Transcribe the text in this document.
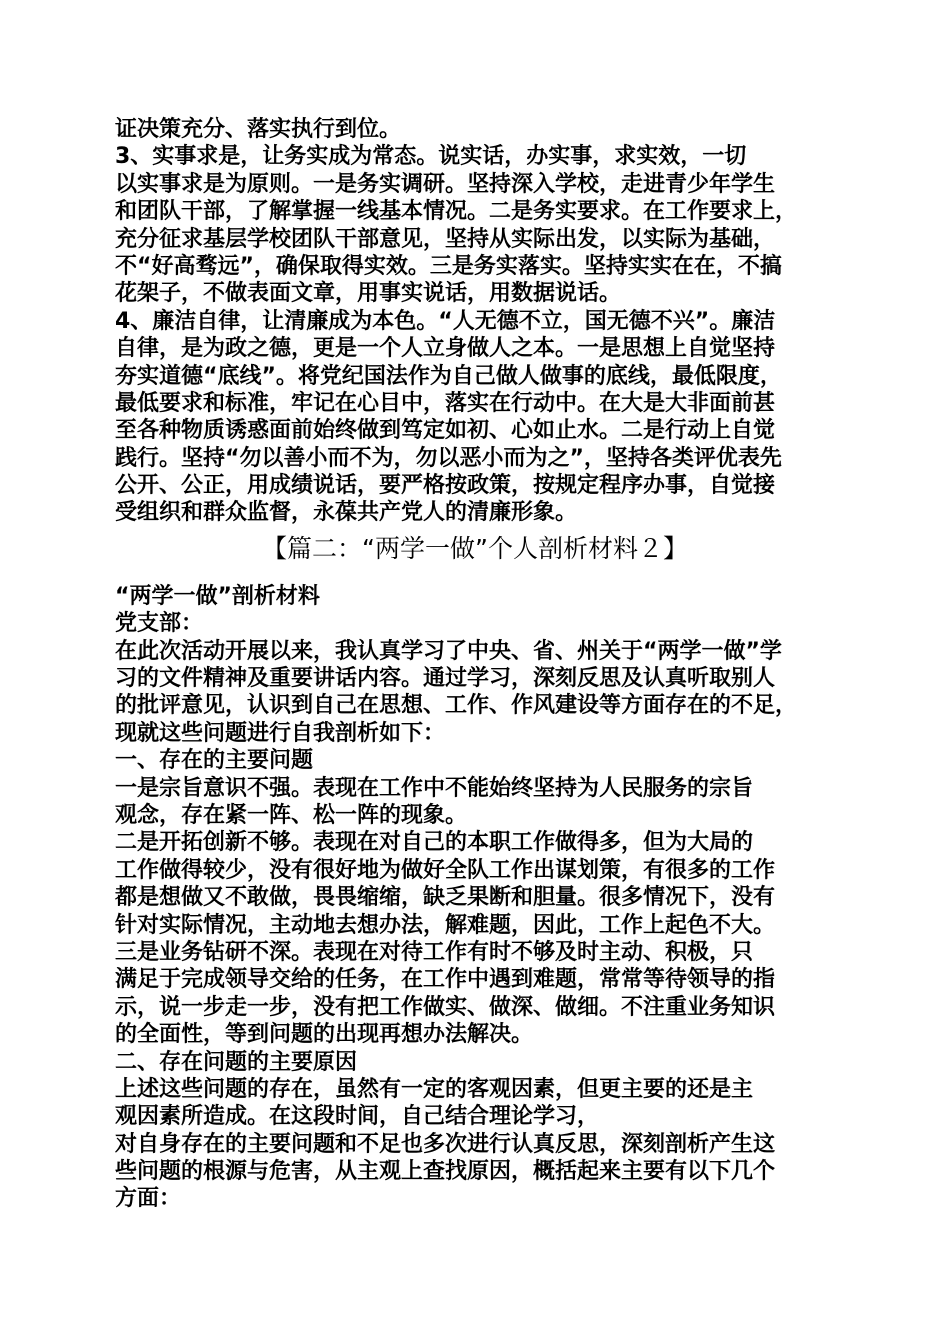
证决策充分、落实执行到位。
3、实事求是，让务实成为常态。说实话，办实事，求实效，一切
以实事求是为原则。一是务实调研。坚持深入学校，走进青少年学生
和团队干部，了解掌握一线基本情况。二是务实要求。在工作要求上，
充分征求基层学校团队干部意见，坚持从实际出发，以实际为基础，
不“好高骛远”，确保取得实效。三是务实落实。坚持实实在在，不搞
花架子，不做表面文章，用事实说话，用数据说话。
4、廉洁自律，让清廉成为本色。“人无德不立，国无德不兴”。廉洁
自律，是为政之德，更是一个人立身做人之本。一是思想上自觉坚持
夯实道德“底线”。将党纪国法作为自己做人做事的底线，最低限度，
最低要求和标准，牢记在心目中，落实在行动中。在大是大非面前甚
至各种物质诱惑面前始终做到笃定如初、心如止水。二是行动上自觉
践行。坚持“勿以善小而不为，勿以恶小而为之”，坚持各类评优表先
公开、公正，用成绩说话，要严格按政策，按规定程序办事，自觉接
受组织和群众监督，永葆共产党人的清廉形象。
【篇二：“两学一做”个人剖析材料２】
“两学一做”剖析材料
党支部：
在此次活动开展以来，我认真学习了中央、省、州关于“两学一做”学
习的文件精神及重要讲话内容。通过学习，深刻反思及认真听取别人
的批评意见，认识到自己在思想、工作、作风建设等方面存在的不足，
现就这些问题进行自我剖析如下：
一、存在的主要问题
一是宗旨意识不强。表现在工作中不能始终坚持为人民服务的宗旨
观念，存在紧一阵、松一阵的现象。
二是开拓创新不够。表现在对自己的本职工作做得多，但为大局的
工作做得较少，没有很好地为做好全队工作出谋划策，有很多的工作
都是想做又不敢做，畏畏缩缩，缺乏果断和胆量。很多情况下，没有
针对实际情况，主动地去想办法，解难题，因此，工作上起色不大。
三是业务钻研不深。表现在对待工作有时不够及时主动、积极，只
满足于完成领导交给的任务，在工作中遇到难题，常常等待领导的指
示，说一步走一步，没有把工作做实、做深、做细。不注重业务知识
的全面性，等到问题的出现再想办法解决。
二、存在问题的主要原因
上述这些问题的存在，虽然有一定的客观因素，但更主要的还是主
观因素所造成。在这段时间，自己结合理论学习，
对自身存在的主要问题和不足也多次进行认真反思，深刻剖析产生这
些问题的根源与危害，从主观上查找原因，概括起来主要有以下几个
方面：
